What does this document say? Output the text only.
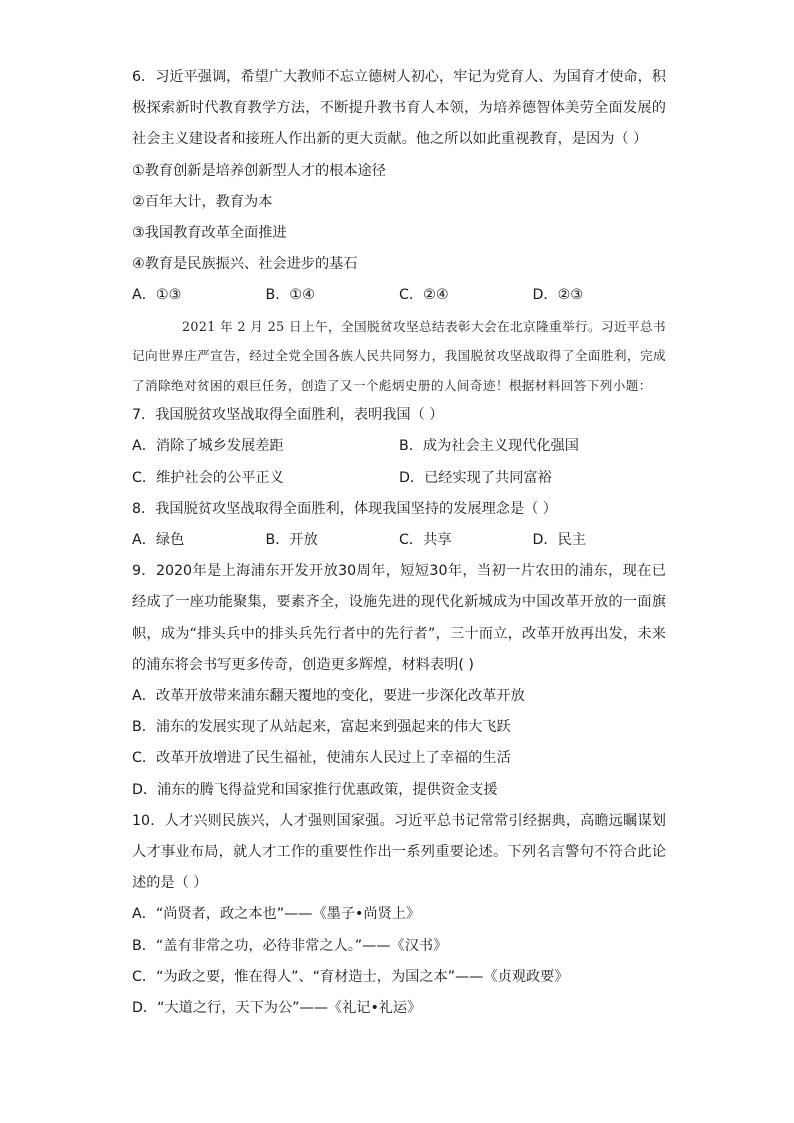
6．习近平强调，希望广大教师不忘立德树人初心，牢记为党育人、为国育才使命，积极探索新时代教育教学方法，不断提升教书育人本领，为培养德智体美劳全面发展的社会主义建设者和接班人作出新的更大贡献。他之所以如此重视教育，是因为（ ）

①教育创新是培养创新型人才的根本途径

②百年大计，教育为本

③我国教育改革全面推进

④教育是民族振兴、社会进步的基石

A．①③	B．①④	C．②④	D．②③

2021 年 2 月 25 日上午，全国脱贫攻坚总结表彰大会在北京隆重举行。习近平总书记向世界庄严宣告，经过全党全国各族人民共同努力，我国脱贫攻坚战取得了全面胜利，完成了消除绝对贫困的艰巨任务，创造了又一个彪炳史册的人间奇迹！根据材料回答下列小题：

7．我国脱贫攻坚战取得全面胜利，表明我国（ ）

A．消除了城乡发展差距	B．成为社会主义现代化强国
C．维护社会的公平正义	D．已经实现了共同富裕

8．我国脱贫攻坚战取得全面胜利，体现我国坚持的发展理念是（ ）

A．绿色	B．开放	C．共享	D．民主

9．2020年是上海浦东开发开放30周年，短短30年，当初一片农田的浦东，现在已经成了一座功能聚集，要素齐全，设施先进的现代化新城成为中国改革开放的一面旗帜，成为“排头兵中的排头兵先行者中的先行者”，三十而立，改革开放再出发，未来的浦东将会书写更多传奇，创造更多辉煌，材料表明( )

A．改革开放带来浦东翻天覆地的变化，要进一步深化改革开放

B．浦东的发展实现了从站起来，富起来到强起来的伟大飞跃

C．改革开放增进了民生福祉，使浦东人民过上了幸福的生活

D．浦东的腾飞得益党和国家推行优惠政策，提供资金支援

10．人才兴则民族兴，人才强则国家强。习近平总书记常常引经据典，高瞻远瞩谋划人才事业布局，就人才工作的重要性作出一系列重要论述。下列名言警句不符合此论述的是（ ）

A．“尚贤者，政之本也”——《墨子•尚贤上》

B．“盖有非常之功，必待非常之人。”——《汉书》

C．“为政之要，惟在得人”、“育材造士，为国之本”——《贞观政要》

D．“大道之行，天下为公”——《礼记•礼运》
